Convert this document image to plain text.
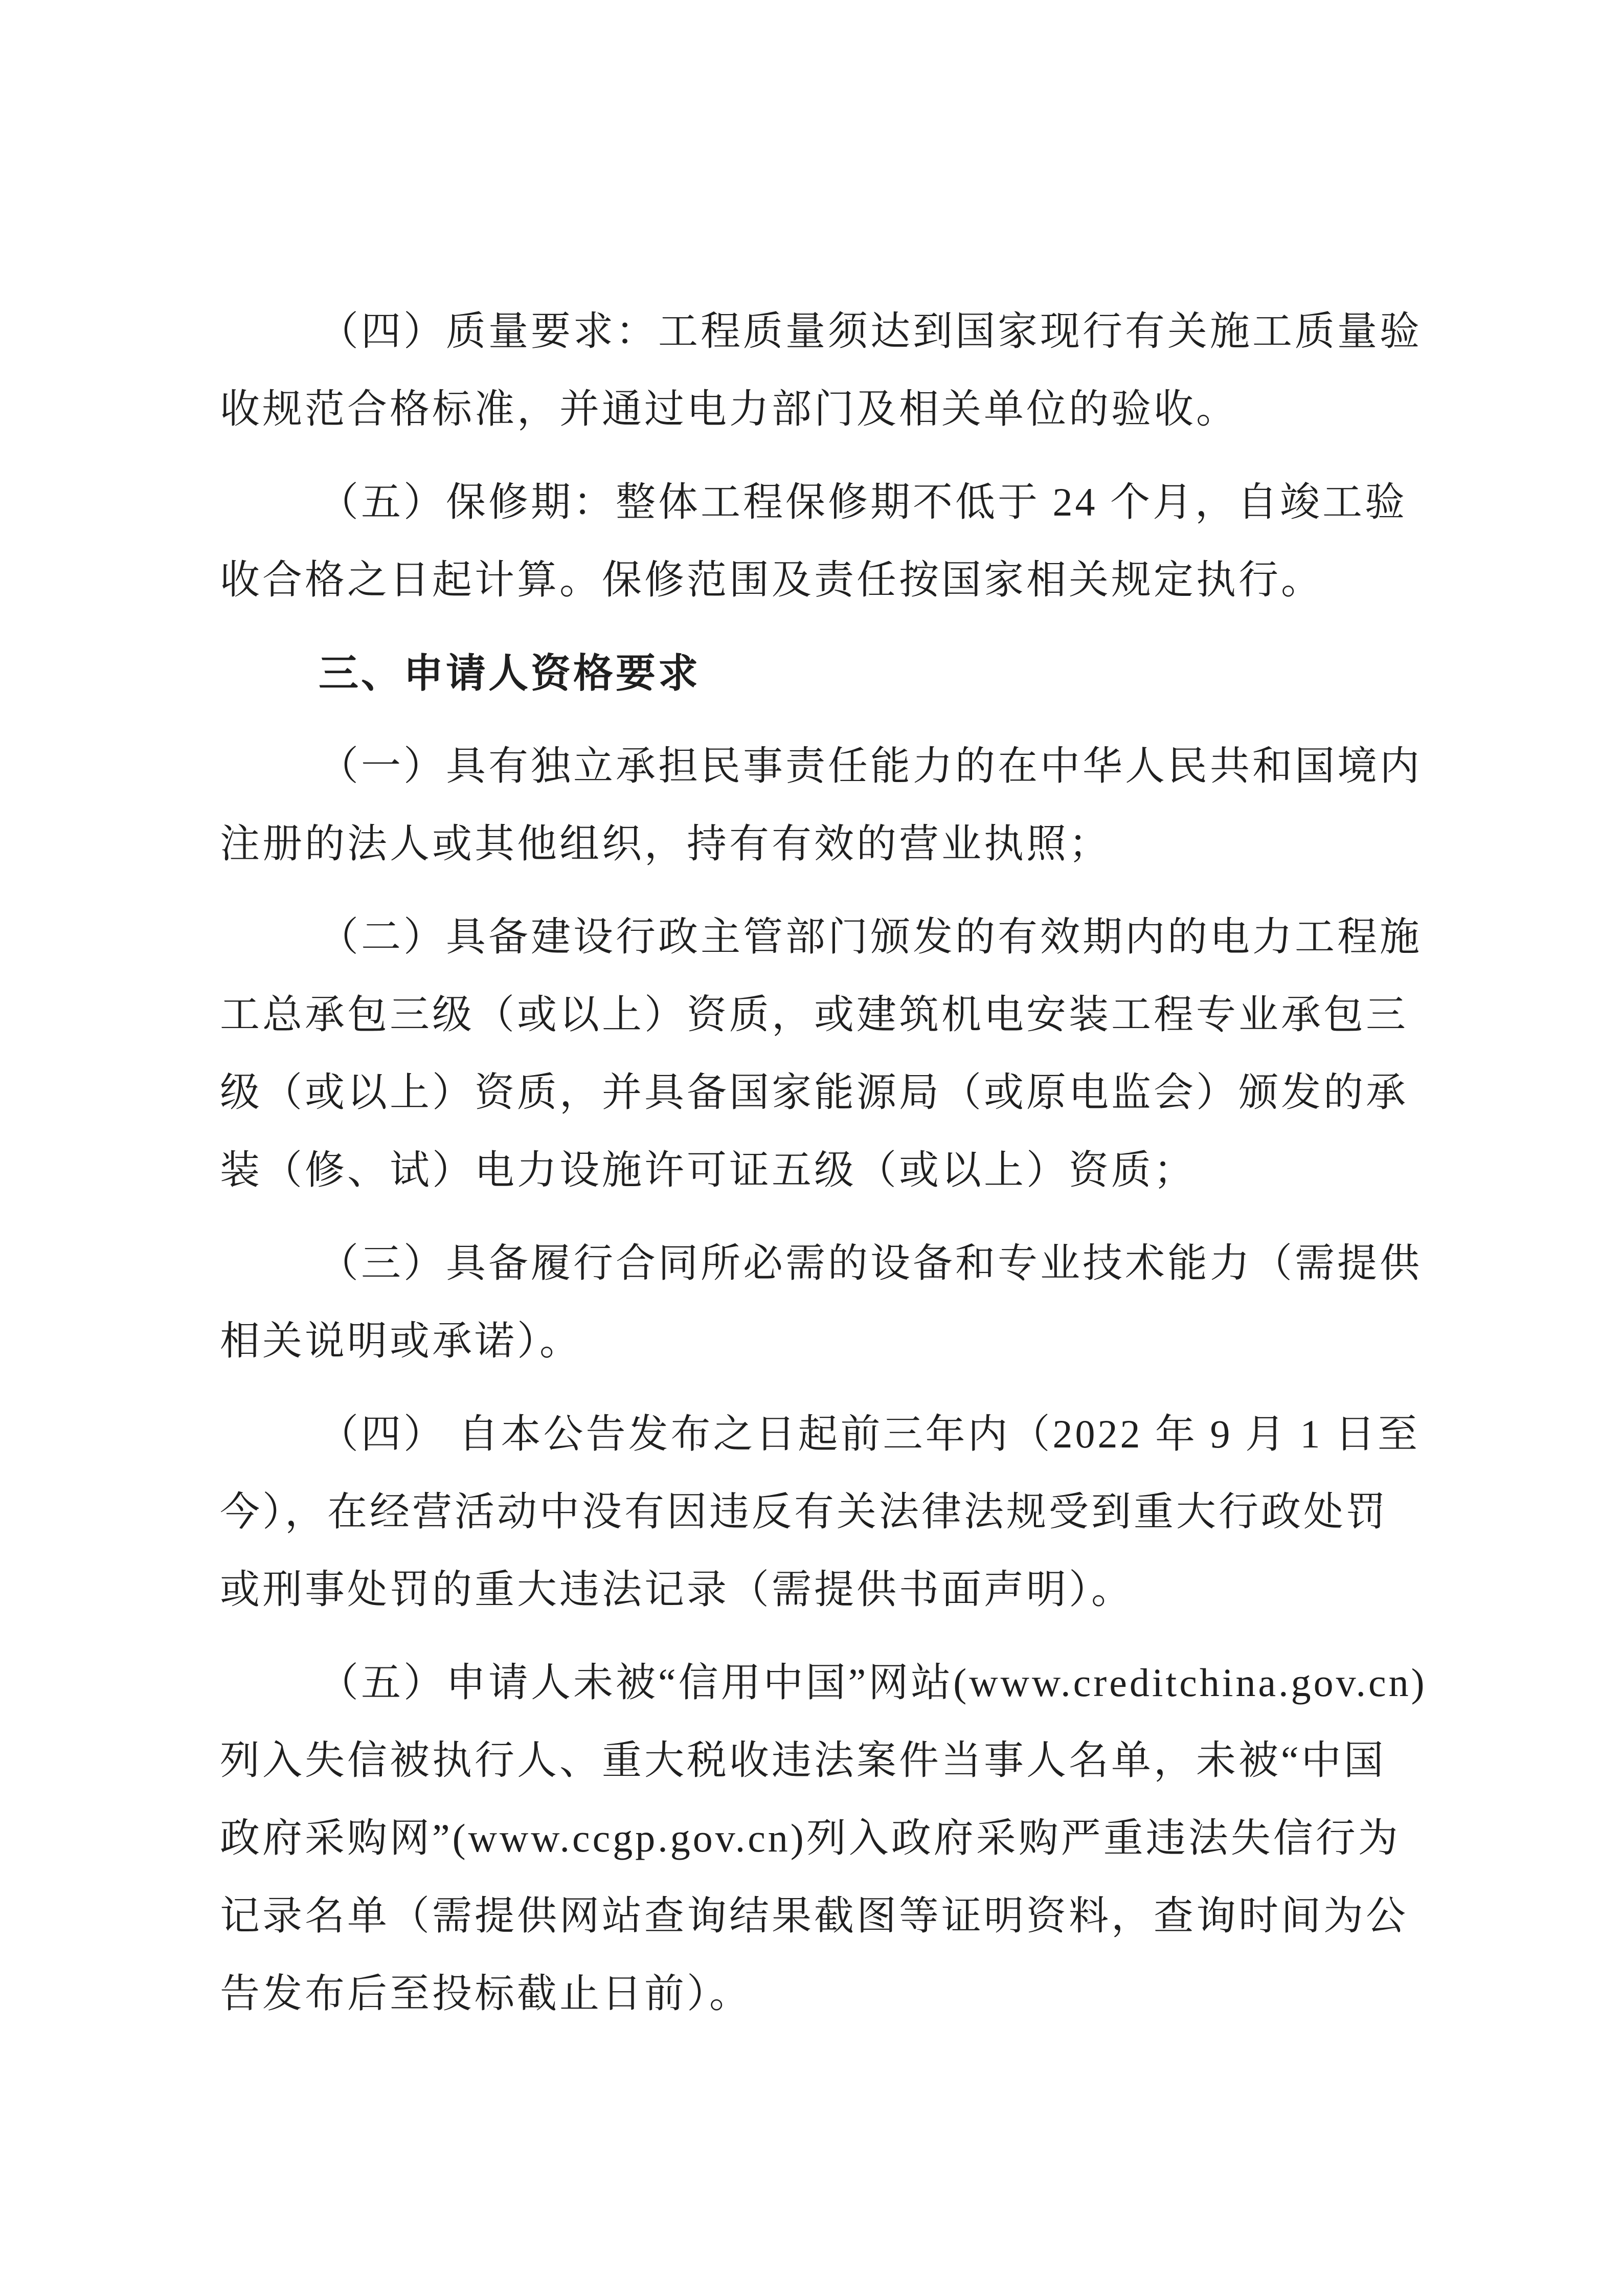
（四）质量要求：工程质量须达到国家现行有关施工质量验
收规范合格标准，并通过电力部门及相关单位的验收。
（五）保修期：整体工程保修期不低于 24 个月，自竣工验
收合格之日起计算。保修范围及责任按国家相关规定执行。
三、申请人资格要求
（一）具有独立承担民事责任能力的在中华人民共和国境内
注册的法人或其他组织，持有有效的营业执照；
（二）具备建设行政主管部门颁发的有效期内的电力工程施
工总承包三级（或以上）资质，或建筑机电安装工程专业承包三
级（或以上）资质，并具备国家能源局（或原电监会）颁发的承
装（修、试）电力设施许可证五级（或以上）资质；
（三）具备履行合同所必需的设备和专业技术能力（需提供
相关说明或承诺）。
（四） 自本公告发布之日起前三年内（2022 年 9 月 1 日至
今），在经营活动中没有因违反有关法律法规受到重大行政处罚
或刑事处罚的重大违法记录（需提供书面声明）。
（五）申请人未被“信用中国”网站(www.creditchina.gov.cn)
列入失信被执行人、重大税收违法案件当事人名单，未被“中国
政府采购网”(www.ccgp.gov.cn)列入政府采购严重违法失信行为
记录名单（需提供网站查询结果截图等证明资料，查询时间为公
告发布后至投标截止日前）。
